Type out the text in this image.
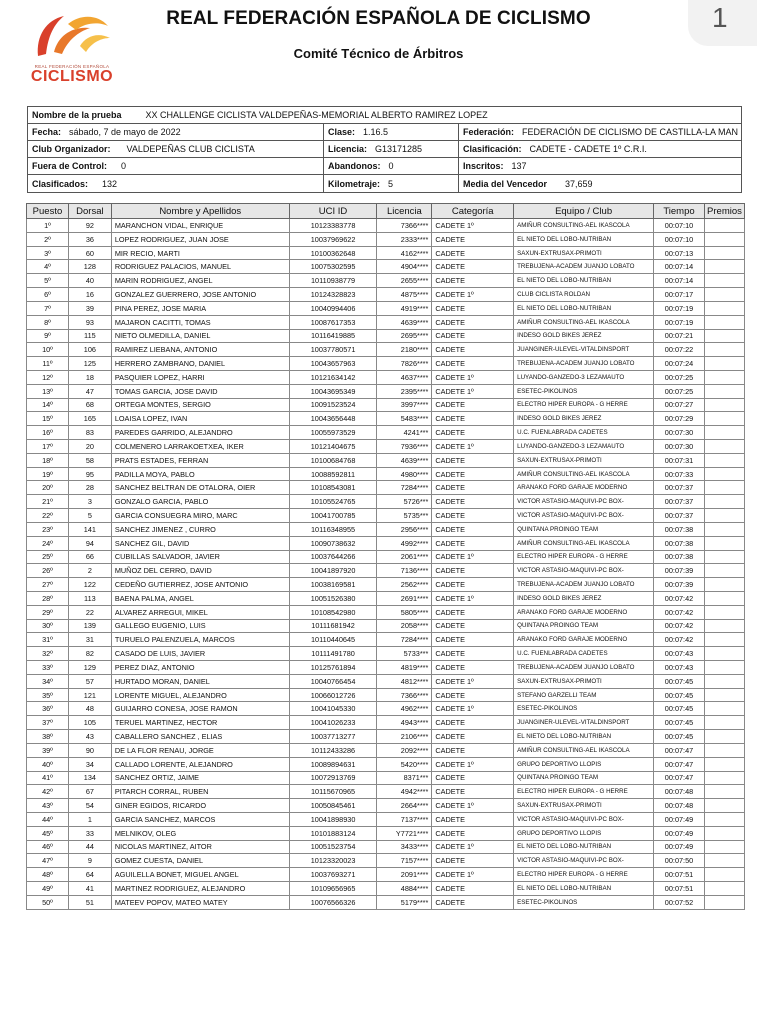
REAL FEDERACIÓN ESPAÑOLA
CICLISMO
REAL FEDERACIÓN ESPAÑOLA DE CICLISMO
Comité Técnico de Árbitros
1
Nombre de la prueba	XX CHALLENGE CICLISTA VALDEPEÑAS-MEMORIAL ALBERTO RAMIREZ LOPEZ
Fecha: sábado, 7 de mayo de 2022	Clase: 1.16.5	Federación: FEDERACIÓN DE CICLISMO DE CASTILLA-LA MAN
Club Organizador: VALDEPEÑAS CLUB CICLISTA	Licencia: G13171285	Clasificación: CADETE - CADETE 1º C.R.I.
Fuera de Control: 0	Abandonos: 0	Inscritos: 137
Clasificados: 132	Kilometraje: 5	Media del Vencedor 37,659
Puesto	Dorsal	Nombre y Apellidos	UCI ID	Licencia	Categoría	Equipo / Club	Tiempo	Premios
1º	92	MARANCHON VIDAL, ENRIQUE	10123383778	7366****	CADETE 1º	AMIÑUR CONSULTING-AEL IKASCOLA	00:07:10	
2º	36	LOPEZ RODRIGUEZ, JUAN JOSE	10037969622	2333****	CADETE	EL NIETO DEL LOBO-NUTRIBAN	00:07:10	
3º	60	MIR RECIO, MARTI	10100362648	4162****	CADETE	SAXUN-EXTRUSAX-PRIMOTI	00:07:13	
4º	128	RODRIGUEZ PALACIOS, MANUEL	10075302595	4904****	CADETE	TREBUJENA-ACADEM JUANJO LOBATO	00:07:14	
5º	40	MARIN RODRIGUEZ, ANGEL	10110938779	2655****	CADETE	EL NIETO DEL LOBO-NUTRIBAN	00:07:14	
6º	16	GONZALEZ GUERRERO, JOSE ANTONIO	10124328823	4875****	CADETE 1º	CLUB CICLISTA ROLDAN	00:07:17	
7º	39	PINA PEREZ, JOSE MARIA	10040994406	4919****	CADETE	EL NIETO DEL LOBO-NUTRIBAN	00:07:19	
8º	93	MAJARON CACITTI, TOMAS	10087617353	4639****	CADETE	AMIÑUR CONSULTING-AEL IKASCOLA	00:07:19	
9º	115	NIETO OLMEDILLA, DANIEL	10116419885	2695****	CADETE	INDESO GOLD BIKES JEREZ	00:07:21	
10º	106	RAMIREZ LIEBANA, ANTONIO	10037780571	2180****	CADETE	JUANGINER-ULEVEL-VITALDINSPORT	00:07:22	
11º	125	HERRERO ZAMBRANO, DANIEL	10043657963	7826****	CADETE	TREBUJENA-ACADEM JUANJO LOBATO	00:07:24	
12º	18	PASQUIER LOPEZ, HARRI	10121634142	4637****	CADETE 1º	LUYANDO-GANZEDO-3 LEZAMAUTO	00:07:25	
13º	47	TOMAS GARCIA, JOSE DAVID	10043695349	2395****	CADETE 1º	ESETEC-PIKOLINOS	00:07:25	
14º	68	ORTEGA MONTES, SERGIO	10091523524	3997****	CADETE	ELECTRO HIPER EUROPA - G HERRE	00:07:27	
15º	165	LOAISA LOPEZ, IVAN	10043656448	5483****	CADETE	INDESO GOLD BIKES JEREZ	00:07:29	
16º	83	PAREDES GARRIDO, ALEJANDRO	10055973529	4241***	CADETE	U.C. FUENLABRADA CADETES	00:07:30	
17º	20	COLMENERO LARRAKOETXEA, IKER	10121404675	7936****	CADETE 1º	LUYANDO-GANZEDO-3 LEZAMAUTO	00:07:30	
18º	58	PRATS ESTADES, FERRAN	10100684768	4639****	CADETE	SAXUN-EXTRUSAX-PRIMOTI	00:07:31	
19º	95	PADILLA MOYA, PABLO	10088592811	4980****	CADETE	AMIÑUR CONSULTING-AEL IKASCOLA	00:07:33	
20º	28	SANCHEZ BELTRAN DE OTALORA, OIER	10108543081	7284****	CADETE	ARANAKO FORD GARAJE MODERNO	00:07:37	
21º	3	GONZALO GARCIA, PABLO	10105524765	5726***	CADETE	VICTOR ASTASIO-MAQUIVI-PC BOX-	00:07:37	
22º	5	GARCIA CONSUEGRA MIRO, MARC	10041700785	5735***	CADETE	VICTOR ASTASIO-MAQUIVI-PC BOX-	00:07:37	
23º	141	SANCHEZ JIMENEZ , CURRO	10116348955	2956****	CADETE	QUINTANA PROINGO TEAM	00:07:38	
24º	94	SANCHEZ GIL, DAVID	10090738632	4992****	CADETE	AMIÑUR CONSULTING-AEL IKASCOLA	00:07:38	
25º	66	CUBILLAS SALVADOR, JAVIER	10037644266	2061****	CADETE 1º	ELECTRO HIPER EUROPA - G HERRE	00:07:38	
26º	2	MUÑOZ DEL CERRO, DAVID	10041897920	7136****	CADETE	VICTOR ASTASIO-MAQUIVI-PC BOX-	00:07:39	
27º	122	CEDEÑO GUTIERREZ, JOSE ANTONIO	10038169581	2562****	CADETE	TREBUJENA-ACADEM JUANJO LOBATO	00:07:39	
28º	113	BAENA PALMA, ANGEL	10051526380	2691****	CADETE 1º	INDESO GOLD BIKES JEREZ	00:07:42	
29º	22	ALVAREZ ARREGUI, MIKEL	10108542980	5805****	CADETE	ARANAKO FORD GARAJE MODERNO	00:07:42	
30º	139	GALLEGO EUGENIO, LUIS	10111681942	2058****	CADETE	QUINTANA PROINGO TEAM	00:07:42	
31º	31	TURUELO PALENZUELA, MARCOS	10110440645	7284****	CADETE	ARANAKO FORD GARAJE MODERNO	00:07:42	
32º	82	CASADO DE LUIS, JAVIER	10111491780	5733***	CADETE	U.C. FUENLABRADA CADETES	00:07:43	
33º	129	PEREZ DIAZ, ANTONIO	10125761894	4819****	CADETE	TREBUJENA-ACADEM JUANJO LOBATO	00:07:43	
34º	57	HURTADO MORAN, DANIEL	10040766454	4812****	CADETE 1º	SAXUN-EXTRUSAX-PRIMOTI	00:07:45	
35º	121	LORENTE MIGUEL, ALEJANDRO	10066012726	7366****	CADETE	STEFANO GARZELLI TEAM	00:07:45	
36º	48	GUIJARRO CONESA, JOSE RAMON	10041045330	4962****	CADETE 1º	ESETEC-PIKOLINOS	00:07:45	
37º	105	TERUEL MARTINEZ, HECTOR	10041026233	4943****	CADETE	JUANGINER-ULEVEL-VITALDINSPORT	00:07:45	
38º	43	CABALLERO SANCHEZ , ELIAS	10037713277	2106****	CADETE	EL NIETO DEL LOBO-NUTRIBAN	00:07:45	
39º	90	DE LA FLOR RENAU, JORGE	10112433286	2092****	CADETE	AMIÑUR CONSULTING-AEL IKASCOLA	00:07:47	
40º	34	CALLADO LORENTE, ALEJANDRO	10089894631	5420****	CADETE 1º	GRUPO DEPORTIVO LLOPIS	00:07:47	
41º	134	SANCHEZ ORTIZ, JAIME	10072913769	8371***	CADETE	QUINTANA PROINGO TEAM	00:07:47	
42º	67	PITARCH CORRAL, RUBEN	10115670965	4942****	CADETE	ELECTRO HIPER EUROPA - G HERRE	00:07:48	
43º	54	GINER EGIDOS, RICARDO	10050845461	2664****	CADETE 1º	SAXUN-EXTRUSAX-PRIMOTI	00:07:48	
44º	1	GARCIA SANCHEZ, MARCOS	10041898930	7137****	CADETE	VICTOR ASTASIO-MAQUIVI-PC BOX-	00:07:49	
45º	33	MELNIKOV, OLEG	10101883124	Y7721****	CADETE	GRUPO DEPORTIVO LLOPIS	00:07:49	
46º	44	NICOLAS MARTINEZ, AITOR	10051523754	3433****	CADETE 1º	EL NIETO DEL LOBO-NUTRIBAN	00:07:49	
47º	9	GOMEZ CUESTA, DANIEL	10123320023	7157****	CADETE	VICTOR ASTASIO-MAQUIVI-PC BOX-	00:07:50	
48º	64	AGUILELLA BONET, MIGUEL ANGEL	10037693271	2091****	CADETE 1º	ELECTRO HIPER EUROPA - G HERRE	00:07:51	
49º	41	MARTINEZ RODRIGUEZ, ALEJANDRO	10109656965	4884****	CADETE	EL NIETO DEL LOBO-NUTRIBAN	00:07:51	
50º	51	MATEEV POPOV, MATEO MATEY	10076566326	5179****	CADETE	ESETEC-PIKOLINOS	00:07:52	
